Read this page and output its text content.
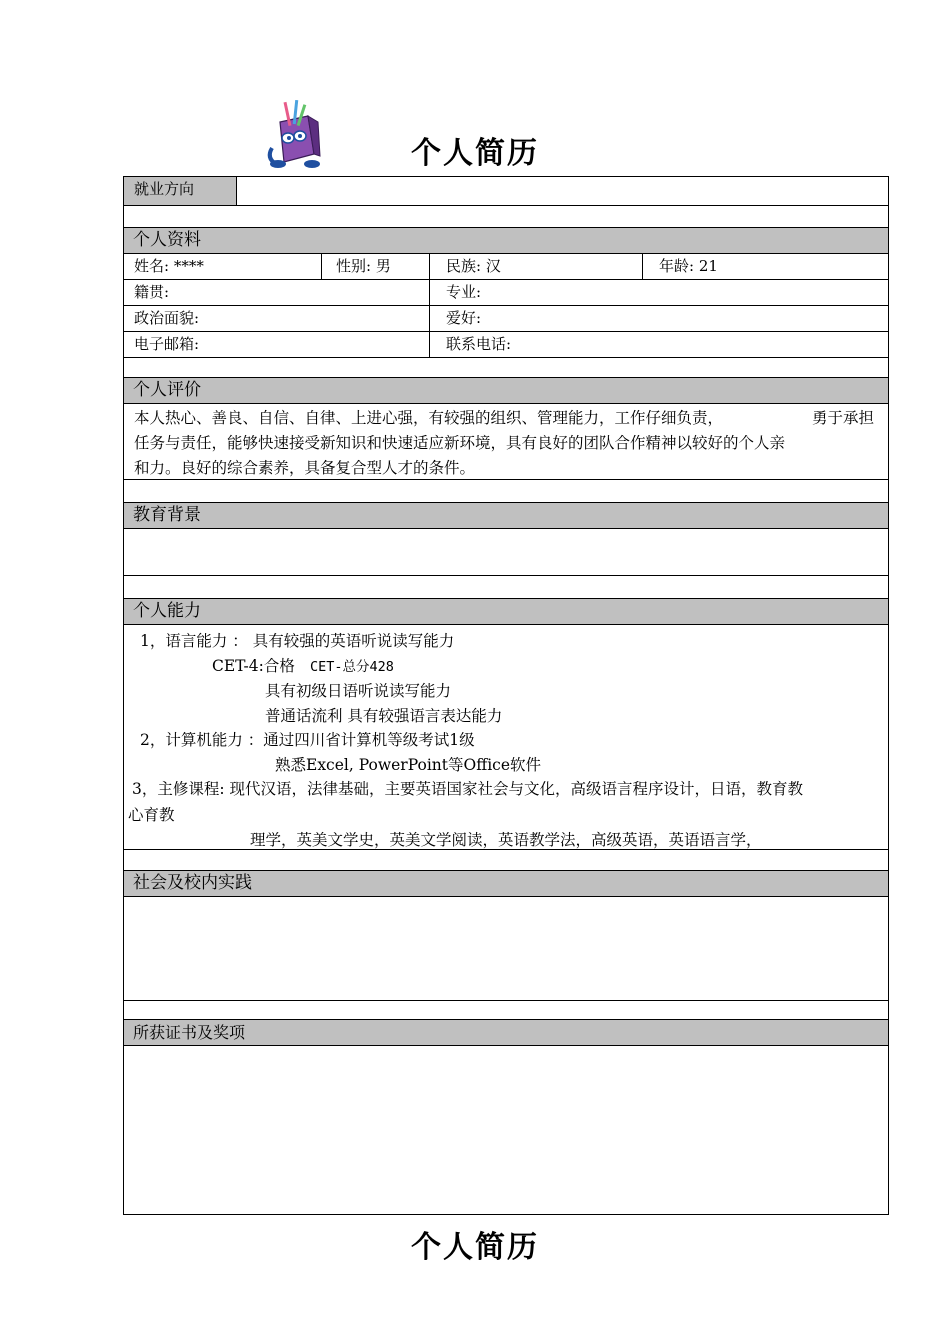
个人简历
就业方向
个人资料
姓名: ****	性别: 男	民族: 汉	年龄: 21
籍贯:	专业:
政治面貌:	爱好:
电子邮箱:	联系电话:
个人评价
本人热心、善良、自信、自律、上进心强，有较强的组织、管理能力，工作仔细负责，	勇于承担
任务与责任，能够快速接受新知识和快速适应新环境，具有良好的团队合作精神以较好的个人亲
和力。良好的综合素养，具备复合型人才的条件。
教育背景
个人能力
1，语言能力 ： 具有较强的英语听说读写能力
CET-4:合格 CET-总分428
具有初级日语听说读写能力
普通话流利 具有较强语言表达能力
2，计算机能力 ：通过四川省计算机等级考试1级
熟悉Excel, PowerPoint等Office软件
3，主修课程: 现代汉语，法律基础，主要英语国家社会与文化，高级语言程序设计，日语，教育教
心育教
理学，英美文学史，英美文学阅读，英语教学法，高级英语，英语语言学，
社会及校内实践
所获证书及奖项
个人简历
